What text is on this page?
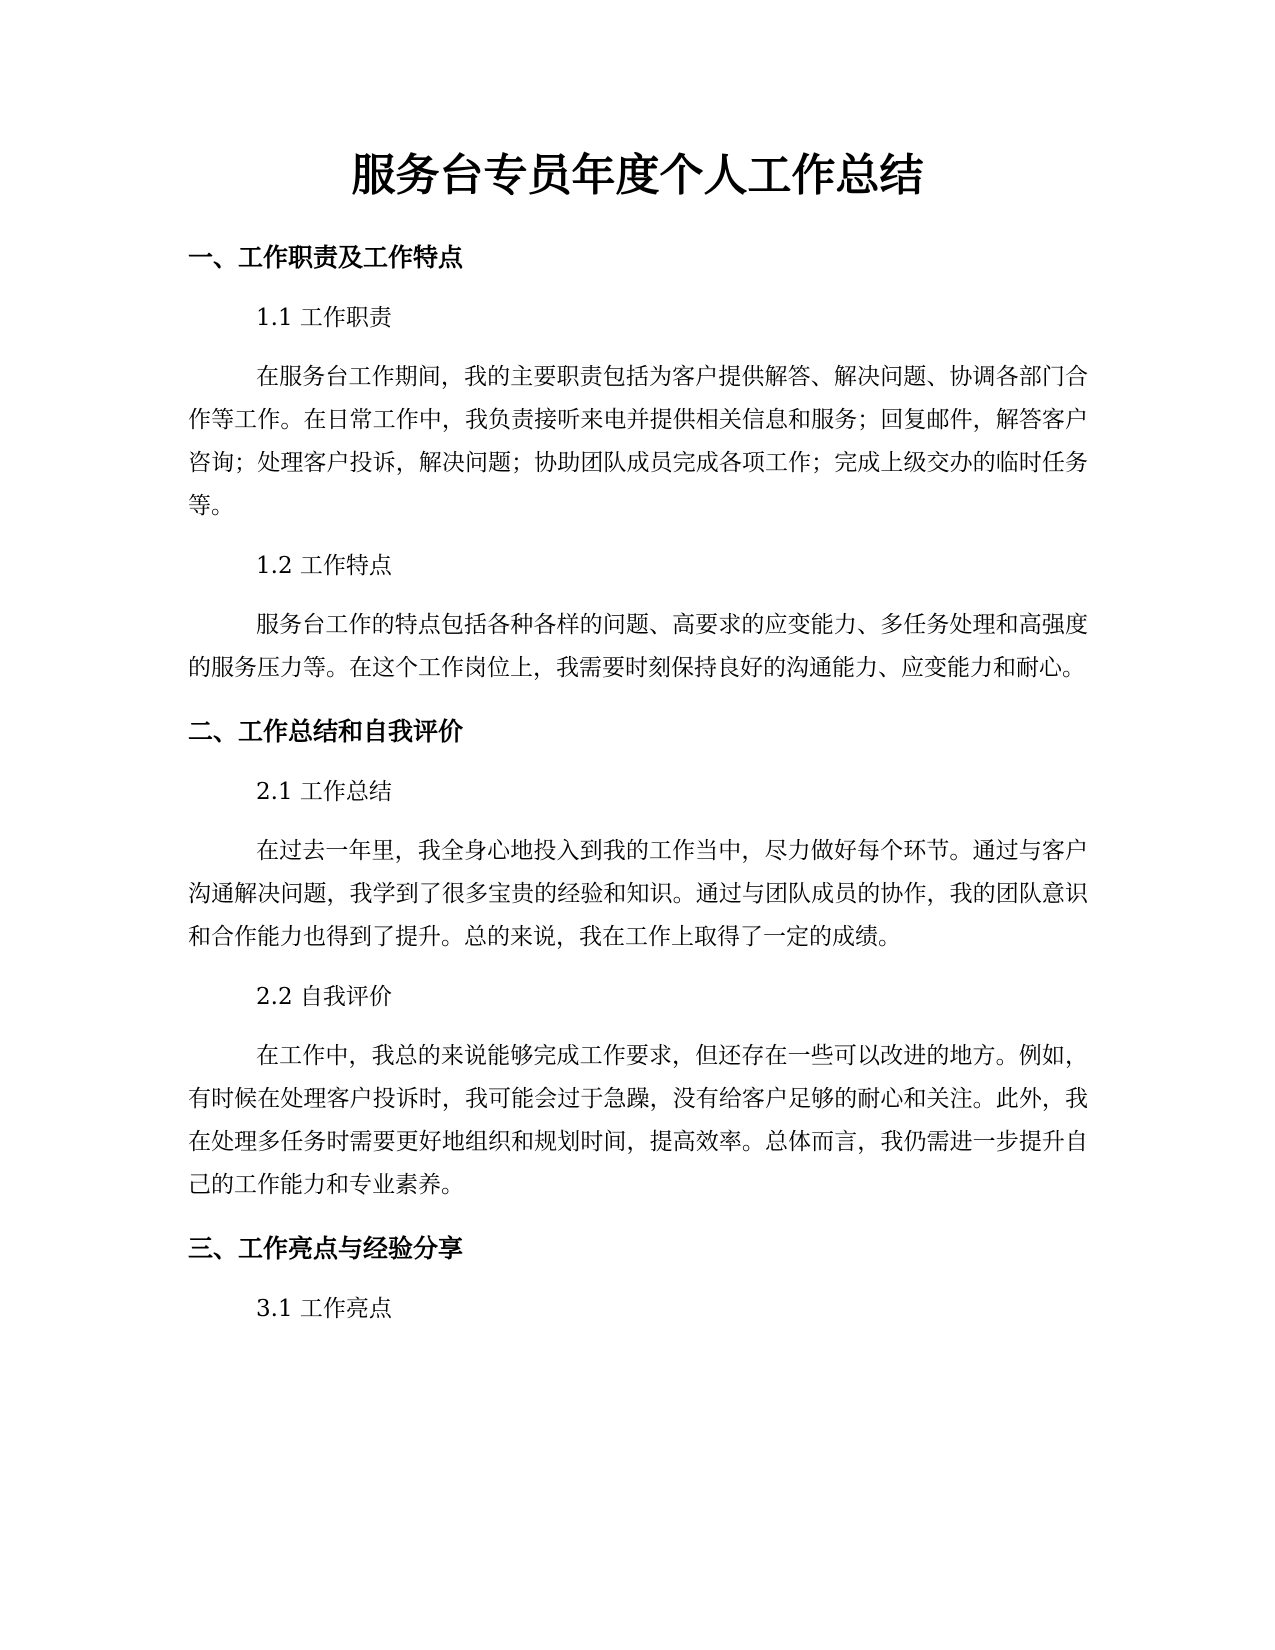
服务台专员年度个人工作总结
一、工作职责及工作特点
1.1 工作职责
在服务台工作期间，我的主要职责包括为客户提供解答、解决问题、协调各部门合作等工作。在日常工作中，我负责接听来电并提供相关信息和服务；回复邮件，解答客户咨询；处理客户投诉，解决问题；协助团队成员完成各项工作；完成上级交办的临时任务等。
1.2 工作特点
服务台工作的特点包括各种各样的问题、高要求的应变能力、多任务处理和高强度的服务压力等。在这个工作岗位上，我需要时刻保持良好的沟通能力、应变能力和耐心。
二、工作总结和自我评价
2.1 工作总结
在过去一年里，我全身心地投入到我的工作当中，尽力做好每个环节。通过与客户沟通解决问题，我学到了很多宝贵的经验和知识。通过与团队成员的协作，我的团队意识和合作能力也得到了提升。总的来说，我在工作上取得了一定的成绩。
2.2 自我评价
在工作中，我总的来说能够完成工作要求，但还存在一些可以改进的地方。例如，有时候在处理客户投诉时，我可能会过于急躁，没有给客户足够的耐心和关注。此外，我在处理多任务时需要更好地组织和规划时间，提高效率。总体而言，我仍需进一步提升自己的工作能力和专业素养。
三、工作亮点与经验分享
3.1 工作亮点
